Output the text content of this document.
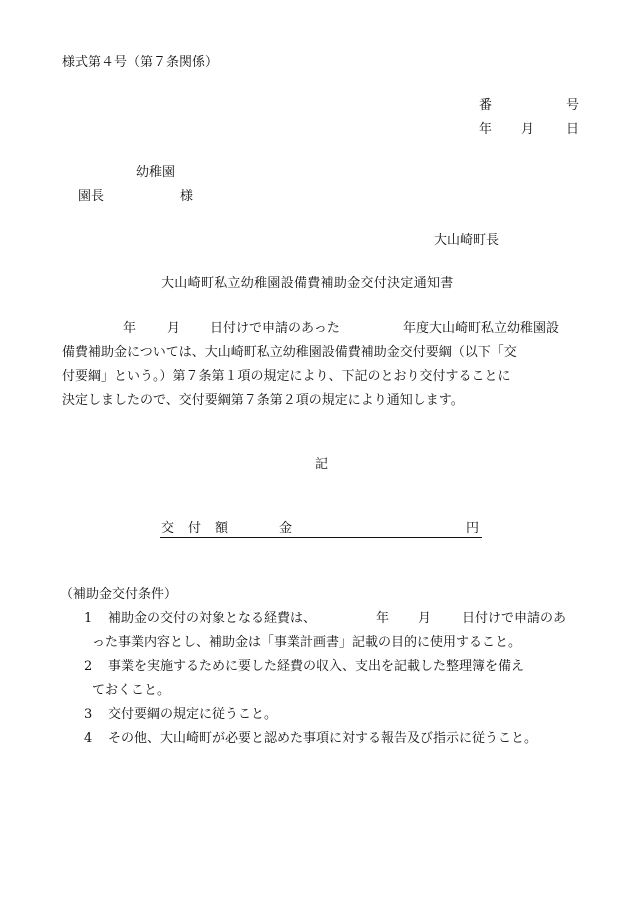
様式第４号（第７条関係）
番	号
年 月 日
幼稚園
園長	様
大山崎町長
大山崎町私立幼稚園設備費補助金交付決定通知書
年 月 日付けで申請のあった	年度大山崎町私立幼稚園設
備費補助金については、大山崎町私立幼稚園設備費補助金交付要綱（以下「交
付要綱」という。）第７条第１項の規定により、下記のとおり交付することに
決定しましたので、交付要綱第７条第２項の規定により通知します。
記
交 付 額	金	円
（補助金交付条件）
1 補助金の交付の対象となる経費は、	年 月 日付けで申請のあ
った事業内容とし、補助金は「事業計画書」記載の目的に使用すること。
2 事業を実施するために要した経費の収入、支出を記載した整理簿を備え
ておくこと。
3 交付要綱の規定に従うこと。
4 その他、大山崎町が必要と認めた事項に対する報告及び指示に従うこと。
